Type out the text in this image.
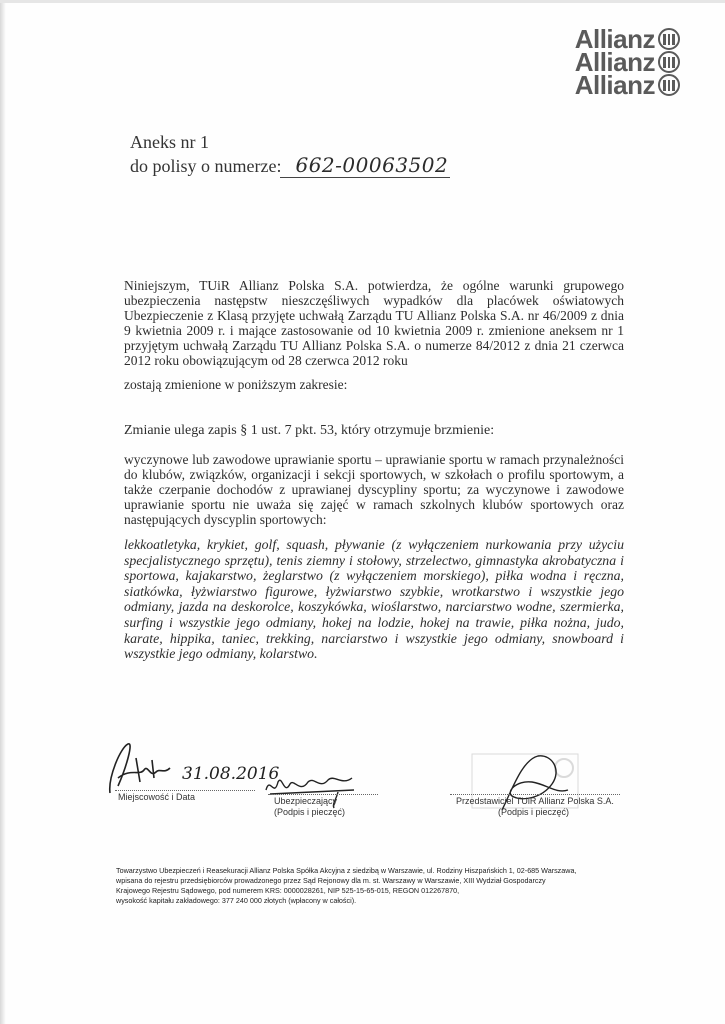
Allianz
Allianz
Allianz
Aneks nr 1
do polisy o numerze: 662-00063502

Niniejszym, TUiR Allianz Polska S.A. potwierdza, że ogólne warunki grupowego ubezpieczenia następstw nieszczęśliwych wypadków dla placówek oświatowych Ubezpieczenie z Klasą przyjęte uchwałą Zarządu TU Allianz Polska S.A. nr 46/2009 z dnia 9 kwietnia 2009 r. i mające zastosowanie od 10 kwietnia 2009 r. zmienione aneksem nr 1 przyjętym uchwałą Zarządu TU Allianz Polska S.A. o numerze 84/2012 z dnia 21 czerwca 2012 roku obowiązującym od 28 czerwca 2012 roku

zostają zmienione w poniższym zakresie:

Zmianie ulega zapis § 1 ust. 7 pkt. 53, który otrzymuje brzmienie:

wyczynowe lub zawodowe uprawianie sportu – uprawianie sportu w ramach przynależności do klubów, związków, organizacji i sekcji sportowych, w szkołach o profilu sportowym, a także czerpanie dochodów z uprawianej dyscypliny sportu; za wyczynowe i zawodowe uprawianie sportu nie uważa się zajęć w ramach szkolnych klubów sportowych oraz następujących dyscyplin sportowych:

lekkoatletyka, krykiet, golf, squash, pływanie (z wyłączeniem nurkowania przy użyciu specjalistycznego sprzętu), tenis ziemny i stołowy, strzelectwo, gimnastyka akrobatyczna i sportowa, kajakarstwo, żeglarstwo (z wyłączeniem morskiego), piłka wodna i ręczna, siatkówka, łyżwiarstwo figurowe, łyżwiarstwo szybkie, wrotkarstwo i wszystkie jego odmiany, jazda na deskorolce, koszykówka, wioślarstwo, narciarstwo wodne, szermierka, surfing i wszystkie jego odmiany, hokej na lodzie, hokej na trawie, piłka nożna, judo, karate, hippika, taniec, trekking, narciarstwo i wszystkie jego odmiany, snowboard i wszystkie jego odmiany, kolarstwo.

31.08.2016
Miejscowość i Data	Ubezpieczający
(Podpis i pieczęć)
Przedstawiciel TUiR Allianz Polska S.A.
(Podpis i pieczęć)

Towarzystwo Ubezpieczeń i Reasekuracji Allianz Polska Spółka Akcyjna z siedzibą w Warszawie, ul. Rodziny Hiszpańskich 1, 02-685 Warszawa,

wpisana do rejestru przedsiębiorców prowadzonego przez Sąd Rejonowy dla m. st. Warszawy w Warszawie, XIII Wydział Gospodarczy

Krajowego Rejestru Sądowego, pod numerem KRS: 0000028261, NIP 525-15-65-015, REGON 012267870,

wysokość kapitału zakładowego: 377 240 000 złotych (wpłacony w całości).
